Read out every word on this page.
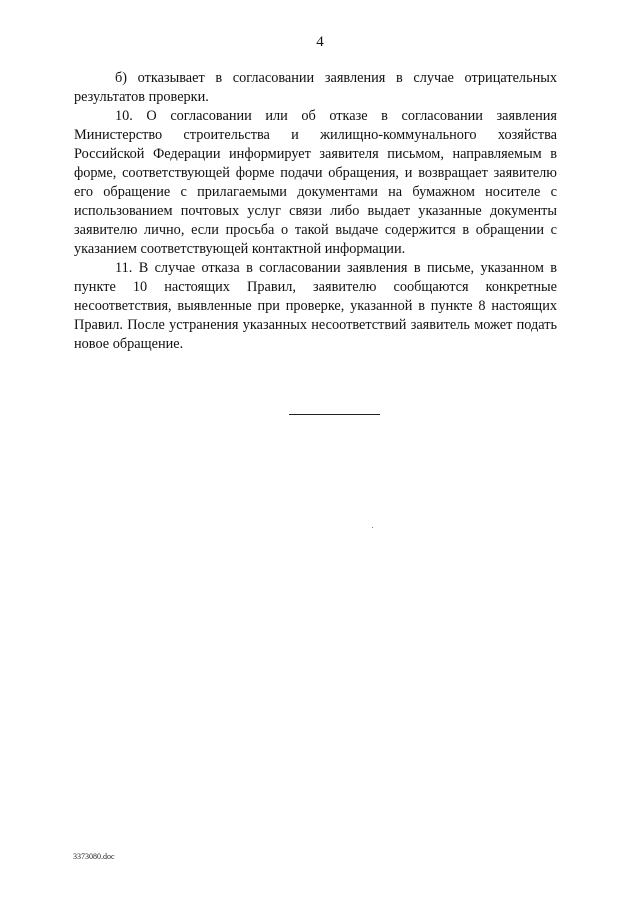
4

б) отказывает в согласовании заявления в случае отрицательных результатов проверки.

10. О согласовании или об отказе в согласовании заявления Министерство строительства и жилищно-коммунального хозяйства Российской Федерации информирует заявителя письмом, направляемым в форме, соответствующей форме подачи обращения, и возвращает заявителю его обращение с прилагаемыми документами на бумажном носителе с использованием почтовых услуг связи либо выдает указанные документы заявителю лично, если просьба о такой выдаче содержится в обращении с указанием соответствующей контактной информации.

11. В случае отказа в согласовании заявления в письме, указанном в пункте 10 настоящих Правил, заявителю сообщаются конкретные несоответствия, выявленные при проверке, указанной в пункте 8 настоящих Правил. После устранения указанных несоответствий заявитель может подать новое обращение.

3373080.doc
